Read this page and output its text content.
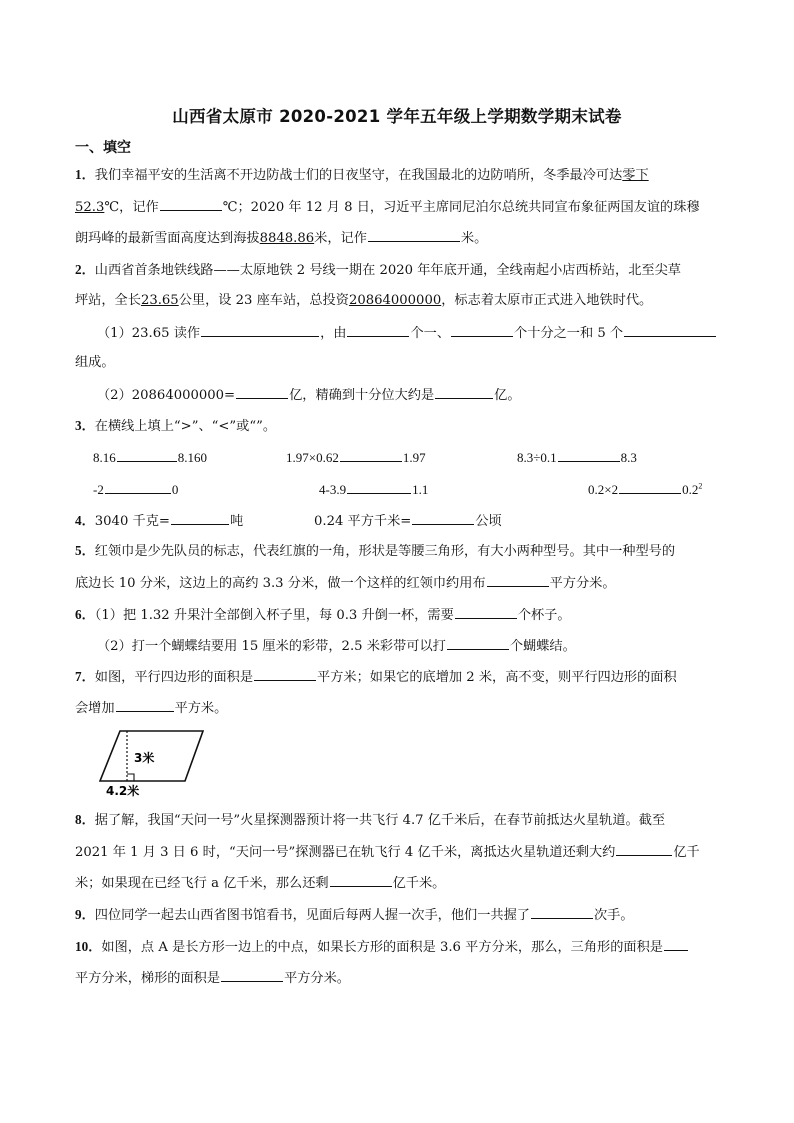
山西省太原市 2020-2021 学年五年级上学期数学期末试卷
一、填空
1．我们幸福平安的生活离不开边防战士们的日夜坚守，在我国最北的边防哨所，冬季最冷可达零下
52.3℃，记作	℃；2020 年 12 月 8 日，习近平主席同尼泊尔总统共同宣布象征两国友谊的珠穆
朗玛峰的最新雪面高度达到海拔8848.86米，记作	米。
2．山西省首条地铁线路——太原地铁 2 号线一期在 2020 年年底开通，全线南起小店西桥站，北至尖草
坪站，全长23.65公里，设 23 座车站，总投资20864000000，标志着太原市正式进入地铁时代。
（1）23.65 读作	，由	个一、	个十分之一和 5 个
组成。
（2）20864000000=	亿，精确到十分位大约是	亿。
3．在横线上填上“>”、“<”或“”。
8.16	8.160	1.97×0.62	1.97	8.3÷0.1	8.3
-2	0	4-3.9	1.1	0.2×2	$0.2^2$
4．3040 千克=	吨	0.24 平方千米=	公顷
5．红领巾是少先队员的标志，代表红旗的一角，形状是等腰三角形，有大小两种型号。其中一种型号的
底边长 10 分米，这边上的高约 3.3 分米，做一个这样的红领巾约用布	平方分米。
6．（1）把 1.32 升果汁全部倒入杯子里，每 0.3 升倒一杯，需要	个杯子。
（2）打一个蝴蝶结要用 15 厘米的彩带，2.5 米彩带可以打	个蝴蝶结。
7．如图，平行四边形的面积是	平方米；如果它的底增加 2 米，高不变，则平行四边形的面积
会增加	平方米。
3米
4.2米
8．据了解，我国“天问一号”火星探测器预计将一共飞行 4.7 亿千米后，在春节前抵达火星轨道。截至
2021 年 1 月 3 日 6 时，“天问一号”探测器已在轨飞行 4 亿千米，离抵达火星轨道还剩大约	亿千
米；如果现在已经飞行 a 亿千米，那么还剩	亿千米。
9．四位同学一起去山西省图书馆看书，见面后每两人握一次手，他们一共握了	次手。
10．如图，点 A 是长方形一边上的中点，如果长方形的面积是 3.6 平方分米，那么，三角形的面积是
平方分米，梯形的面积是	平方分米。
